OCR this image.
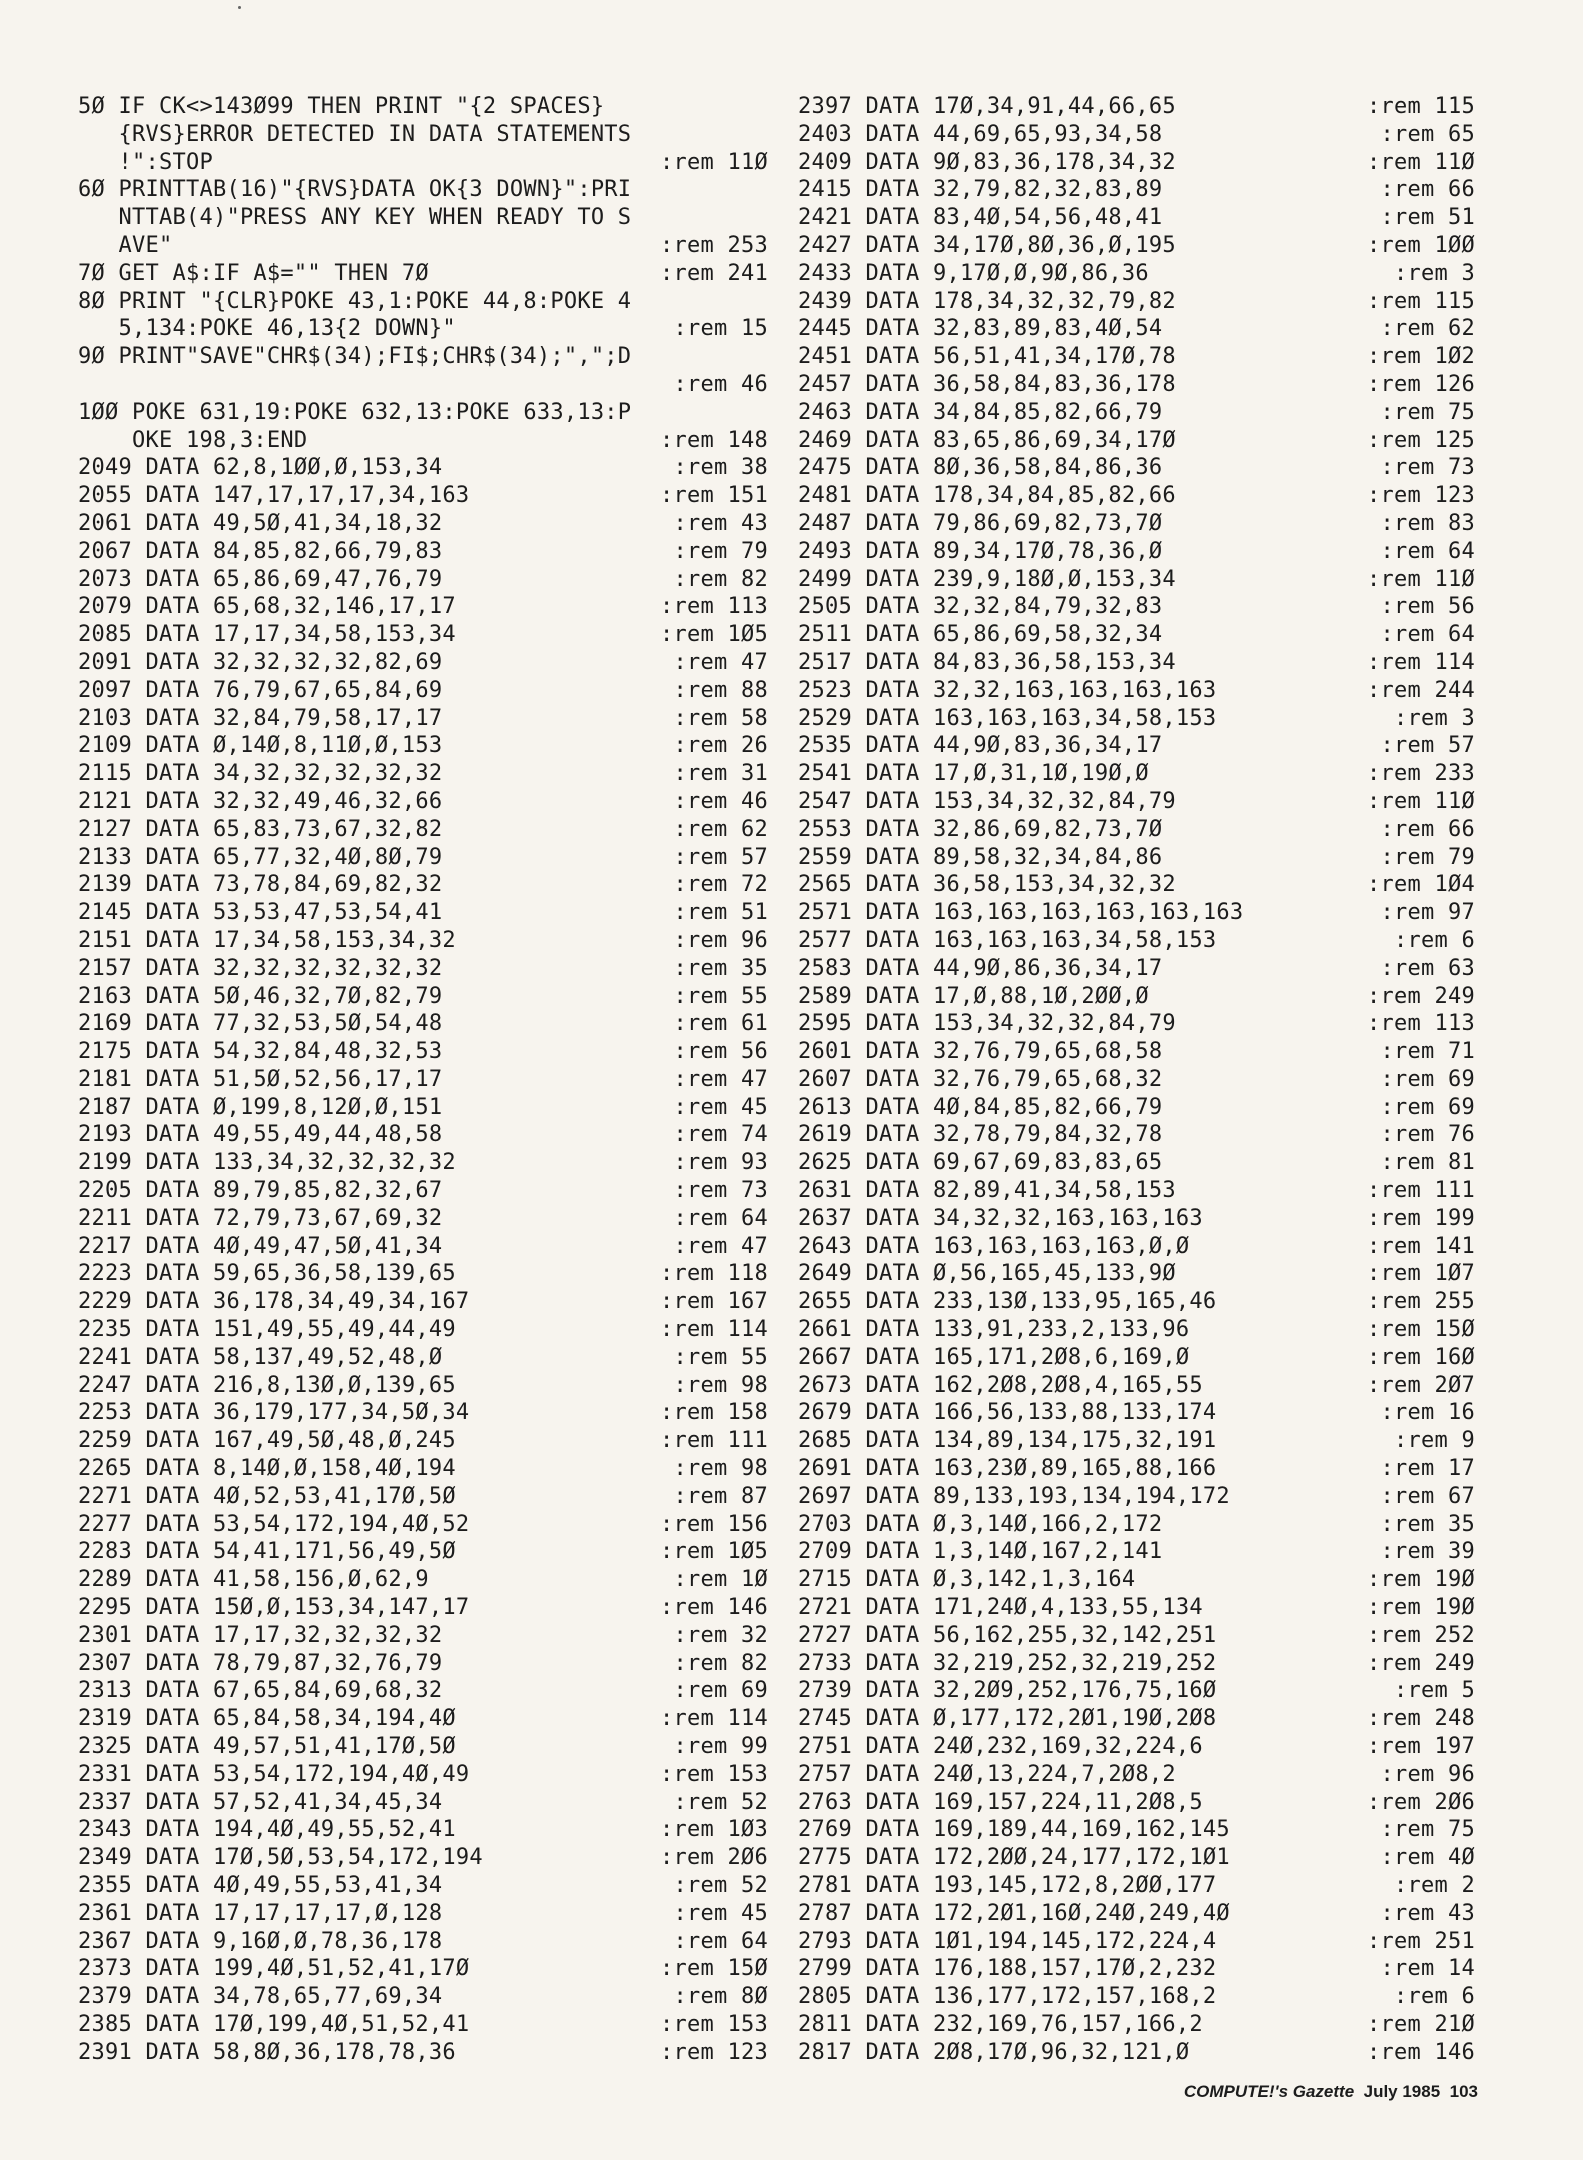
5Ø IF CK<>143Ø99 THEN PRINT "{2 SPACES}
{RVS}ERROR DETECTED IN DATA STATEMENTS
!":STOP	:rem 11Ø
6Ø PRINTTAB(16)"{RVS}DATA OK{3 DOWN}":PRI
NTTAB(4)"PRESS ANY KEY WHEN READY TO S
AVE"	:rem 253
7Ø GET A$:IF A$="" THEN 7Ø	:rem 241
8Ø PRINT "{CLR}POKE 43,1:POKE 44,8:POKE 4
5,134:POKE 46,13{2 DOWN}"	:rem 15
9Ø PRINT"SAVE"CHR$(34);FI$;CHR$(34);",";D
:rem 46
1ØØ POKE 631,19:POKE 632,13:POKE 633,13:P
OKE 198,3:END	:rem 148
2049 DATA 62,8,1ØØ,Ø,153,34	:rem 38
2055 DATA 147,17,17,17,34,163	:rem 151
2061 DATA 49,5Ø,41,34,18,32	:rem 43
2067 DATA 84,85,82,66,79,83	:rem 79
2073 DATA 65,86,69,47,76,79	:rem 82
2079 DATA 65,68,32,146,17,17	:rem 113
2085 DATA 17,17,34,58,153,34	:rem 1Ø5
2091 DATA 32,32,32,32,82,69	:rem 47
2097 DATA 76,79,67,65,84,69	:rem 88
2103 DATA 32,84,79,58,17,17	:rem 58
2109 DATA Ø,14Ø,8,11Ø,Ø,153	:rem 26
2115 DATA 34,32,32,32,32,32	:rem 31
2121 DATA 32,32,49,46,32,66	:rem 46
2127 DATA 65,83,73,67,32,82	:rem 62
2133 DATA 65,77,32,4Ø,8Ø,79	:rem 57
2139 DATA 73,78,84,69,82,32	:rem 72
2145 DATA 53,53,47,53,54,41	:rem 51
2151 DATA 17,34,58,153,34,32	:rem 96
2157 DATA 32,32,32,32,32,32	:rem 35
2163 DATA 5Ø,46,32,7Ø,82,79	:rem 55
2169 DATA 77,32,53,5Ø,54,48	:rem 61
2175 DATA 54,32,84,48,32,53	:rem 56
2181 DATA 51,5Ø,52,56,17,17	:rem 47
2187 DATA Ø,199,8,12Ø,Ø,151	:rem 45
2193 DATA 49,55,49,44,48,58	:rem 74
2199 DATA 133,34,32,32,32,32	:rem 93
2205 DATA 89,79,85,82,32,67	:rem 73
2211 DATA 72,79,73,67,69,32	:rem 64
2217 DATA 4Ø,49,47,5Ø,41,34	:rem 47
2223 DATA 59,65,36,58,139,65	:rem 118
2229 DATA 36,178,34,49,34,167	:rem 167
2235 DATA 151,49,55,49,44,49	:rem 114
2241 DATA 58,137,49,52,48,Ø	:rem 55
2247 DATA 216,8,13Ø,Ø,139,65	:rem 98
2253 DATA 36,179,177,34,5Ø,34	:rem 158
2259 DATA 167,49,5Ø,48,Ø,245	:rem 111
2265 DATA 8,14Ø,Ø,158,4Ø,194	:rem 98
2271 DATA 4Ø,52,53,41,17Ø,5Ø	:rem 87
2277 DATA 53,54,172,194,4Ø,52	:rem 156
2283 DATA 54,41,171,56,49,5Ø	:rem 1Ø5
2289 DATA 41,58,156,Ø,62,9	:rem 1Ø
2295 DATA 15Ø,Ø,153,34,147,17	:rem 146
2301 DATA 17,17,32,32,32,32	:rem 32
2307 DATA 78,79,87,32,76,79	:rem 82
2313 DATA 67,65,84,69,68,32	:rem 69
2319 DATA 65,84,58,34,194,4Ø	:rem 114
2325 DATA 49,57,51,41,17Ø,5Ø	:rem 99
2331 DATA 53,54,172,194,4Ø,49	:rem 153
2337 DATA 57,52,41,34,45,34	:rem 52
2343 DATA 194,4Ø,49,55,52,41	:rem 1Ø3
2349 DATA 17Ø,5Ø,53,54,172,194	:rem 2Ø6
2355 DATA 4Ø,49,55,53,41,34	:rem 52
2361 DATA 17,17,17,17,Ø,128	:rem 45
2367 DATA 9,16Ø,Ø,78,36,178	:rem 64
2373 DATA 199,4Ø,51,52,41,17Ø	:rem 15Ø
2379 DATA 34,78,65,77,69,34	:rem 8Ø
2385 DATA 17Ø,199,4Ø,51,52,41	:rem 153
2391 DATA 58,8Ø,36,178,78,36	:rem 123
2397 DATA 17Ø,34,91,44,66,65	:rem 115
2403 DATA 44,69,65,93,34,58	:rem 65
2409 DATA 9Ø,83,36,178,34,32	:rem 11Ø
2415 DATA 32,79,82,32,83,89	:rem 66
2421 DATA 83,4Ø,54,56,48,41	:rem 51
2427 DATA 34,17Ø,8Ø,36,Ø,195	:rem 1ØØ
2433 DATA 9,17Ø,Ø,9Ø,86,36	:rem 3
2439 DATA 178,34,32,32,79,82	:rem 115
2445 DATA 32,83,89,83,4Ø,54	:rem 62
2451 DATA 56,51,41,34,17Ø,78	:rem 1Ø2
2457 DATA 36,58,84,83,36,178	:rem 126
2463 DATA 34,84,85,82,66,79	:rem 75
2469 DATA 83,65,86,69,34,17Ø	:rem 125
2475 DATA 8Ø,36,58,84,86,36	:rem 73
2481 DATA 178,34,84,85,82,66	:rem 123
2487 DATA 79,86,69,82,73,7Ø	:rem 83
2493 DATA 89,34,17Ø,78,36,Ø	:rem 64
2499 DATA 239,9,18Ø,Ø,153,34	:rem 11Ø
2505 DATA 32,32,84,79,32,83	:rem 56
2511 DATA 65,86,69,58,32,34	:rem 64
2517 DATA 84,83,36,58,153,34	:rem 114
2523 DATA 32,32,163,163,163,163	:rem 244
2529 DATA 163,163,163,34,58,153	:rem 3
2535 DATA 44,9Ø,83,36,34,17	:rem 57
2541 DATA 17,Ø,31,1Ø,19Ø,Ø	:rem 233
2547 DATA 153,34,32,32,84,79	:rem 11Ø
2553 DATA 32,86,69,82,73,7Ø	:rem 66
2559 DATA 89,58,32,34,84,86	:rem 79
2565 DATA 36,58,153,34,32,32	:rem 1Ø4
2571 DATA 163,163,163,163,163,163	:rem 97
2577 DATA 163,163,163,34,58,153	:rem 6
2583 DATA 44,9Ø,86,36,34,17	:rem 63
2589 DATA 17,Ø,88,1Ø,2ØØ,Ø	:rem 249
2595 DATA 153,34,32,32,84,79	:rem 113
2601 DATA 32,76,79,65,68,58	:rem 71
2607 DATA 32,76,79,65,68,32	:rem 69
2613 DATA 4Ø,84,85,82,66,79	:rem 69
2619 DATA 32,78,79,84,32,78	:rem 76
2625 DATA 69,67,69,83,83,65	:rem 81
2631 DATA 82,89,41,34,58,153	:rem 111
2637 DATA 34,32,32,163,163,163	:rem 199
2643 DATA 163,163,163,163,Ø,Ø	:rem 141
2649 DATA Ø,56,165,45,133,9Ø	:rem 1Ø7
2655 DATA 233,13Ø,133,95,165,46	:rem 255
2661 DATA 133,91,233,2,133,96	:rem 15Ø
2667 DATA 165,171,2Ø8,6,169,Ø	:rem 16Ø
2673 DATA 162,2Ø8,2Ø8,4,165,55	:rem 2Ø7
2679 DATA 166,56,133,88,133,174	:rem 16
2685 DATA 134,89,134,175,32,191	:rem 9
2691 DATA 163,23Ø,89,165,88,166	:rem 17
2697 DATA 89,133,193,134,194,172	:rem 67
2703 DATA Ø,3,14Ø,166,2,172	:rem 35
2709 DATA 1,3,14Ø,167,2,141	:rem 39
2715 DATA Ø,3,142,1,3,164	:rem 19Ø
2721 DATA 171,24Ø,4,133,55,134	:rem 19Ø
2727 DATA 56,162,255,32,142,251	:rem 252
2733 DATA 32,219,252,32,219,252	:rem 249
2739 DATA 32,2Ø9,252,176,75,16Ø	:rem 5
2745 DATA Ø,177,172,2Ø1,19Ø,2Ø8	:rem 248
2751 DATA 24Ø,232,169,32,224,6	:rem 197
2757 DATA 24Ø,13,224,7,2Ø8,2	:rem 96
2763 DATA 169,157,224,11,2Ø8,5	:rem 2Ø6
2769 DATA 169,189,44,169,162,145	:rem 75
2775 DATA 172,2ØØ,24,177,172,1Ø1	:rem 4Ø
2781 DATA 193,145,172,8,2ØØ,177	:rem 2
2787 DATA 172,2Ø1,16Ø,24Ø,249,4Ø	:rem 43
2793 DATA 1Ø1,194,145,172,224,4	:rem 251
2799 DATA 176,188,157,17Ø,2,232	:rem 14
2805 DATA 136,177,172,157,168,2	:rem 6
2811 DATA 232,169,76,157,166,2	:rem 21Ø
2817 DATA 2Ø8,17Ø,96,32,121,Ø	:rem 146
COMPUTE!'s Gazette July 1985 103
